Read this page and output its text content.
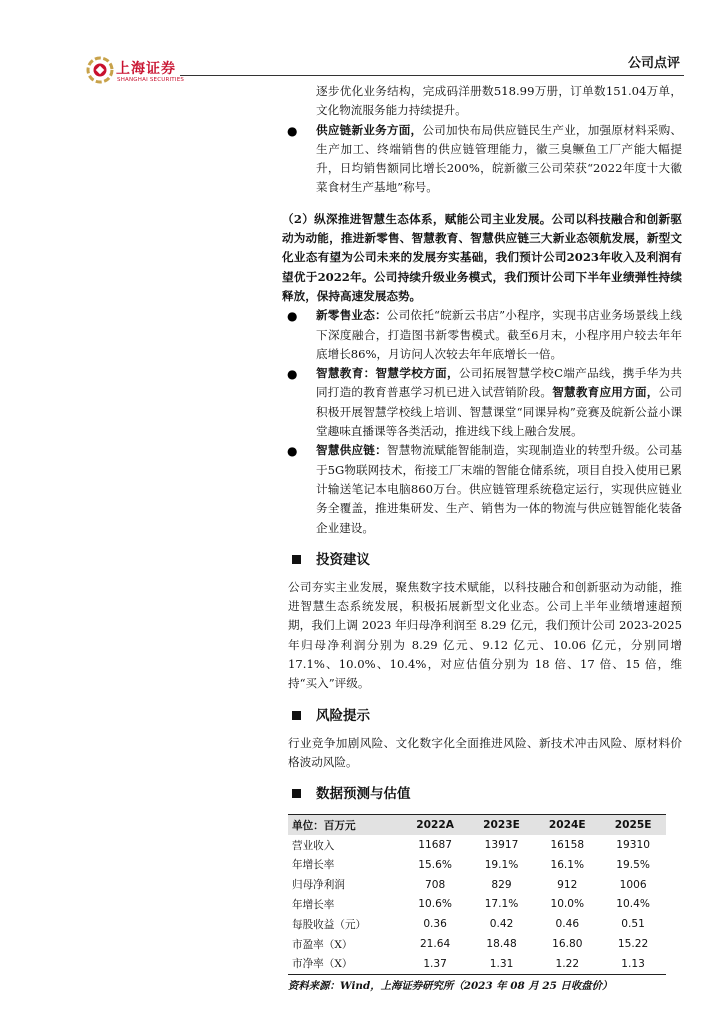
上海证券
SHANGHAI SECURITIES
公司点评

逐步优化业务结构，完成码洋册数518.99万册，订单数151.04万单，文化物流服务能力持续提升。

● 供应链新业务方面，公司加快布局供应链民生产业，加强原材料采购、生产加工、终端销售的供应链管理能力，徽三臭鳜鱼工厂产能大幅提升，日均销售额同比增长200%，皖新徽三公司荣获“2022年度十大徽菜食材生产基地”称号。

（2）纵深推进智慧生态体系，赋能公司主业发展。公司以科技融合和创新驱动为动能，推进新零售、智慧教育、智慧供应链三大新业态领航发展，新型文化业态有望为公司未来的发展夯实基础，我们预计公司2023年收入及利润有望优于2022年。公司持续升级业务模式，我们预计公司下半年业绩弹性持续释放，保持高速发展态势。

● 新零售业态：公司依托“皖新云书店”小程序，实现书店业务场景线上线下深度融合，打造图书新零售模式。截至6月末，小程序用户较去年年底增长86%，月访问人次较去年年底增长一倍。

● 智慧教育：智慧学校方面，公司拓展智慧学校C端产品线，携手华为共同打造的教育普惠学习机已进入试营销阶段。智慧教育应用方面，公司积极开展智慧学校线上培训、智慧课堂“同课异构”竞赛及皖新公益小课堂趣味直播课等各类活动，推进线下线上融合发展。

● 智慧供应链：智慧物流赋能智能制造，实现制造业的转型升级。公司基于5G物联网技术，衔接工厂末端的智能仓储系统，项目自投入使用已累计输送笔记本电脑860万台。供应链管理系统稳定运行，实现供应链业务全覆盖，推进集研发、生产、销售为一体的物流与供应链智能化装备企业建设。

投资建议

公司夯实主业发展，聚焦数字技术赋能，以科技融合和创新驱动为动能，推进智慧生态系统发展，积极拓展新型文化业态。公司上半年业绩增速超预期，我们上调 2023 年归母净利润至 8.29 亿元，我们预计公司 2023-2025 年归母净利润分别为 8.29 亿元、9.12 亿元、10.06 亿元，分别同增 17.1%、10.0%、10.4%，对应估值分别为 18 倍、17 倍、15 倍，维持“买入”评级。

风险提示

行业竞争加剧风险、文化数字化全面推进风险、新技术冲击风险、原材料价格波动风险。

数据预测与估值
单位：百万元	2022A	2023E	2024E	2025E
营业收入	11687	13917	16158	19310
年增长率	15.6%	19.1%	16.1%	19.5%
归母净利润	708	829	912	1006
年增长率	10.6%	17.1%	10.0%	10.4%
每股收益（元）	0.36	0.42	0.46	0.51
市盈率（X）	21.64	18.48	16.80	15.22
市净率（X）	1.37	1.31	1.22	1.13
资料来源：Wind，上海证券研究所（2023 年 08 月 25 日收盘价）
